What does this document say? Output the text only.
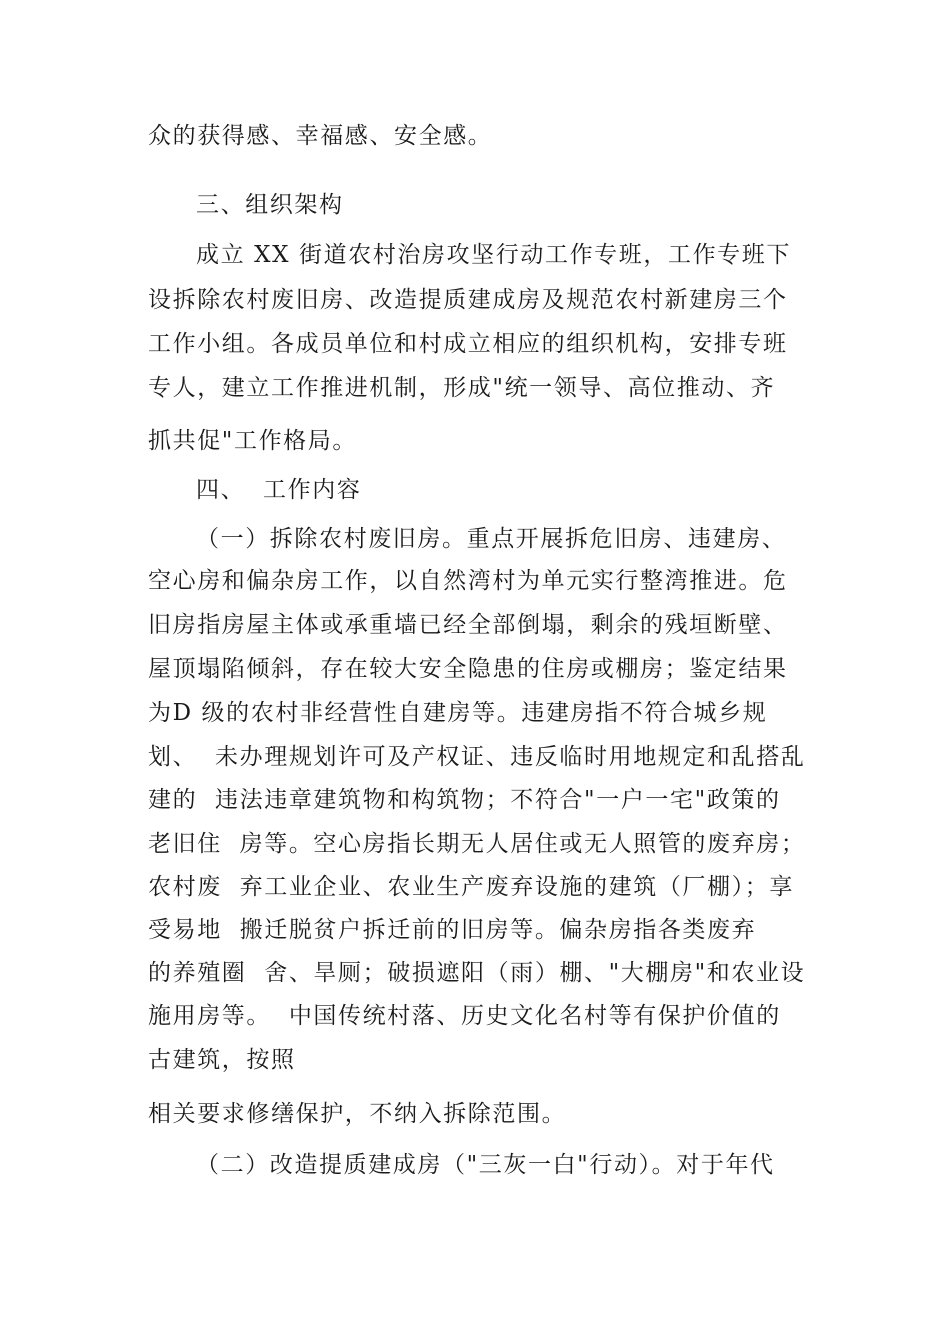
众的获得感、幸福感、安全感。
三、组织架构
成立 XX 街道农村治房攻坚行动工作专班，工作专班下
设拆除农村废旧房、改造提质建成房及规范农村新建房三个
工作小组。各成员单位和村成立相应的组织机构，安排专班
专人，建立工作推进机制，形成"统一领导、高位推动、齐
抓共促"工作格局。
四、  工作内容
（一）拆除农村废旧房。重点开展拆危旧房、违建房、
空心房和偏杂房工作，以自然湾村为单元实行整湾推进。危
旧房指房屋主体或承重墙已经全部倒塌，剩余的残垣断壁、
屋顶塌陷倾斜，存在较大安全隐患的住房或棚房；鉴定结果
为D 级的农村非经营性自建房等。违建房指不符合城乡规
划、  未办理规划许可及产权证、违反临时用地规定和乱搭乱
建的  违法违章建筑物和构筑物；不符合"一户一宅"政策的
老旧住  房等。空心房指长期无人居住或无人照管的废弃房；
农村废  弃工业企业、农业生产废弃设施的建筑（厂棚）；享
受易地  搬迁脱贫户拆迁前的旧房等。偏杂房指各类废弃
的养殖圈  舍、旱厕；破损遮阳（雨）棚、"大棚房"和农业设
施用房等。  中国传统村落、历史文化名村等有保护价值的
古建筑，按照
相关要求修缮保护，不纳入拆除范围。
（二）改造提质建成房（"三灰一白"行动）。对于年代
